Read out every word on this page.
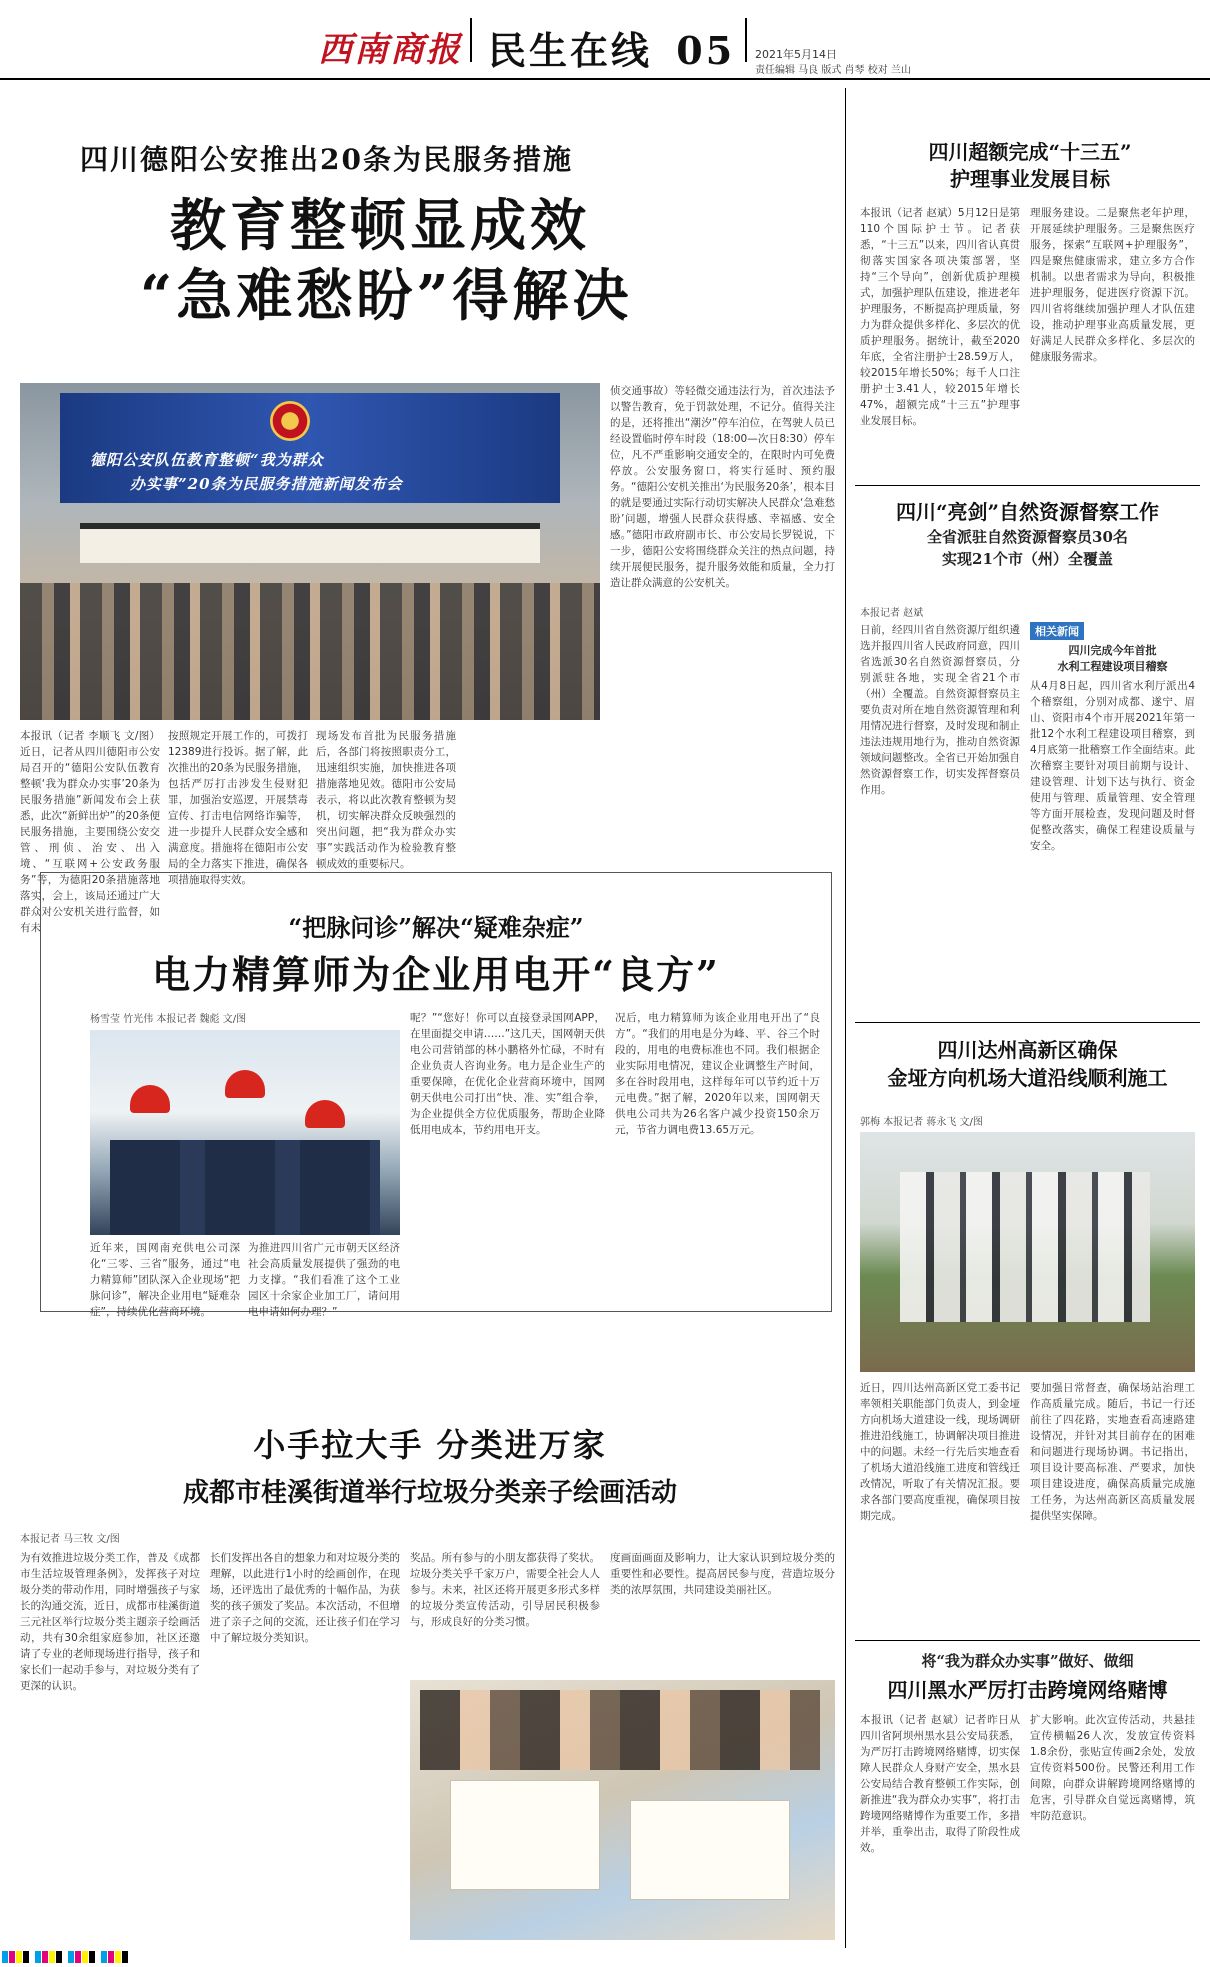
西南商报 民生在线 05 2021年5月14日
责任编辑 马良 版式 肖琴 校对 兰山
四川德阳公安推出20条为民服务措施
教育整顿显成效
“急难愁盼”得解决
德阳公安队伍教育整顿“我为群众
办实事”20条为民服务措施新闻发布会
本报讯（记者 李顺飞 文/图）近日，记者从四川德阳市公安局召开的“德阳公安队伍教育整顿‘我为群众办实事’20条为民服务措施”新闻发布会上获悉，此次“新鲜出炉”的20条便民服务措施，主要围绕公安交管、刑侦、治安、出入境、“互联网+公安政务服务”等，为德阳20条措施落地落实，会上，该局还通过广大群众对公安机关进行监督，如有未
按照规定开展工作的，可拨打12389进行投诉。据了解，此次推出的20条为民服务措施，包括严厉打击涉发生侵财犯罪，加强治安巡逻，开展禁毒宣传、打击电信网络诈骗等，进一步提升人民群众安全感和满意度。措施将在德阳市公安局的全力落实下推进，确保各项措施取得实效。
现场发布首批为民服务措施后，各部门将按照职责分工，迅速组织实施，加快推进各项措施落地见效。德阳市公安局表示，将以此次教育整顿为契机，切实解决群众反映强烈的突出问题，把“我为群众办实事”实践活动作为检验教育整顿成效的重要标尺。
侦交通事故）等轻微交通违法行为，首次违法予以警告教育，免于罚款处理，不记分。值得关注的是，还将推出“潮汐”停车泊位，在驾驶人员已经设置临时停车时段（18:00—次日8:30）停车位，凡不严重影响交通安全的，在限时内可免费停放。公安服务窗口，将实行延时、预约服务。“德阳公安机关推出‘为民服务20条’，根本目的就是要通过实际行动切实解决人民群众‘急难愁盼’问题，增强人民群众获得感、幸福感、安全感。”德阳市政府副市长、市公安局长罗锐说，下一步，德阳公安将围绕群众关注的热点问题，持续开展便民服务，提升服务效能和质量，全力打造让群众满意的公安机关。
四川超额完成“十三五”
护理事业发展目标
本报讯（记者 赵斌）5月12日是第110个国际护士节。记者获悉，“十三五”以来，四川省认真贯彻落实国家各项决策部署，坚持“三个导向”，创新优质护理模式，加强护理队伍建设，推进老年护理服务，不断提高护理质量，努力为群众提供多样化、多层次的优质护理服务。据统计，截至2020年底，全省注册护士28.59万人，较2015年增长50%；每千人口注册护士3.41人，较2015年增长47%，超额完成“十三五”护理事业发展目标。
理服务建设。二是聚焦老年护理，开展延续护理服务。三是聚焦医疗服务，探索“互联网+护理服务”，四是聚焦健康需求，建立多方合作机制。以患者需求为导向，积极推进护理服务，促进医疗资源下沉。四川省将继续加强护理人才队伍建设，推动护理事业高质量发展，更好满足人民群众多样化、多层次的健康服务需求。
四川“亮剑”自然资源督察工作
全省派驻自然资源督察员30名
实现21个市（州）全覆盖
本报记者 赵斌
日前，经四川省自然资源厅组织遴选并报四川省人民政府同意，四川省选派30名自然资源督察员，分别派驻各地，实现全省21个市（州）全覆盖。自然资源督察员主要负责对所在地自然资源管理和利用情况进行督察，及时发现和制止违法违规用地行为，推动自然资源领域问题整改。全省已开始加强自然资源督察工作，切实发挥督察员作用。
相关新闻
四川完成今年首批
水利工程建设项目稽察
从4月8日起，四川省水利厅派出4个稽察组，分别对成都、遂宁、眉山、资阳市4个市开展2021年第一批12个水利工程建设项目稽察，到4月底第一批稽察工作全面结束。此次稽察主要针对项目前期与设计、建设管理、计划下达与执行、资金使用与管理、质量管理、安全管理等方面开展检查，发现问题及时督促整改落实，确保工程建设质量与安全。
四川达州高新区确保
金垭方向机场大道沿线顺利施工
郭梅 本报记者 蒋永飞 文/图
近日，四川达州高新区党工委书记率领相关职能部门负责人，到金垭方向机场大道建设一线，现场调研推进沿线施工，协调解决项目推进中的问题。未经一行先后实地查看了机场大道沿线施工进度和管线迁改情况，听取了有关情况汇报。要求各部门要高度重视，确保项目按期完成。
要加强日常督查，确保场站治理工作高质量完成。随后，书记一行还前往了四花路，实地查看高速路建设情况，并针对其目前存在的困难和问题进行现场协调。书记指出，项目设计要高标准、严要求，加快项目建设进度，确保高质量完成施工任务，为达州高新区高质量发展提供坚实保障。
将“我为群众办实事”做好、做细
四川黑水严厉打击跨境网络赌博
本报讯（记者 赵斌）记者昨日从四川省阿坝州黑水县公安局获悉，为严厉打击跨境网络赌博，切实保障人民群众人身财产安全，黑水县公安局结合教育整顿工作实际，创新推进“我为群众办实事”，将打击跨境网络赌博作为重要工作，多措并举，重拳出击，取得了阶段性成效。
扩大影响。此次宣传活动，共悬挂宣传横幅26人次，发放宣传资料1.8余份，张贴宣传画2余处，发放宣传资料500份。民警还利用工作间隙，向群众讲解跨境网络赌博的危害，引导群众自觉远离赌博，筑牢防范意识。
“把脉问诊”解决“疑难杂症”
电力精算师为企业用电开“良方”
杨雪莹 竹光伟 本报记者 魏彪 文/图
近年来，国网南充供电公司深化“三零、三省”服务，通过“电力精算师”团队深入企业现场“把脉问诊”，解决企业用电“疑难杂症”，持续优化营商环境。
为推进四川省广元市朝天区经济社会高质量发展提供了强劲的电力支撑。“我们看准了这个工业园区十余家企业加工厂，请问用电申请如何办理？”
呢？”“您好！你可以直接登录国网APP，在里面提交申请……”这几天，国网朝天供电公司营销部的林小鹏格外忙碌，不时有企业负责人咨询业务。电力是企业生产的重要保障，在优化企业营商环境中，国网朝天供电公司打出“快、准、实”组合拳，为企业提供全方位优质服务，帮助企业降低用电成本，节约用电开支。
况后，电力精算师为该企业用电开出了“良方”。“我们的用电是分为峰、平、谷三个时段的，用电的电费标准也不同。我们根据企业实际用电情况，建议企业调整生产时间，多在谷时段用电，这样每年可以节约近十万元电费。”据了解，2020年以来，国网朝天供电公司共为26名客户减少投资150余万元，节省力调电费13.65万元。
小手拉大手 分类进万家
成都市桂溪街道举行垃圾分类亲子绘画活动
本报记者 马三牧 文/图
为有效推进垃圾分类工作，普及《成都市生活垃圾管理条例》，发挥孩子对垃圾分类的带动作用，同时增强孩子与家长的沟通交流，近日，成都市桂溪街道三元社区举行垃圾分类主题亲子绘画活动，共有30余组家庭参加，社区还邀请了专业的老师现场进行指导，孩子和家长们一起动手参与，对垃圾分类有了更深的认识。
长们发挥出各自的想象力和对垃圾分类的理解，以此进行1小时的绘画创作，在现场，还评选出了最优秀的十幅作品，为获奖的孩子颁发了奖品。本次活动，不但增进了亲子之间的交流，还让孩子们在学习中了解垃圾分类知识。
奖品。所有参与的小朋友都获得了奖状。垃圾分类关乎千家万户，需要全社会人人参与。未来，社区还将开展更多形式多样的垃圾分类宣传活动，引导居民积极参与，形成良好的分类习惯。
度画面画面及影响力，让大家认识到垃圾分类的重要性和必要性。提高居民参与度，营造垃圾分类的浓厚氛围，共同建设美丽社区。
